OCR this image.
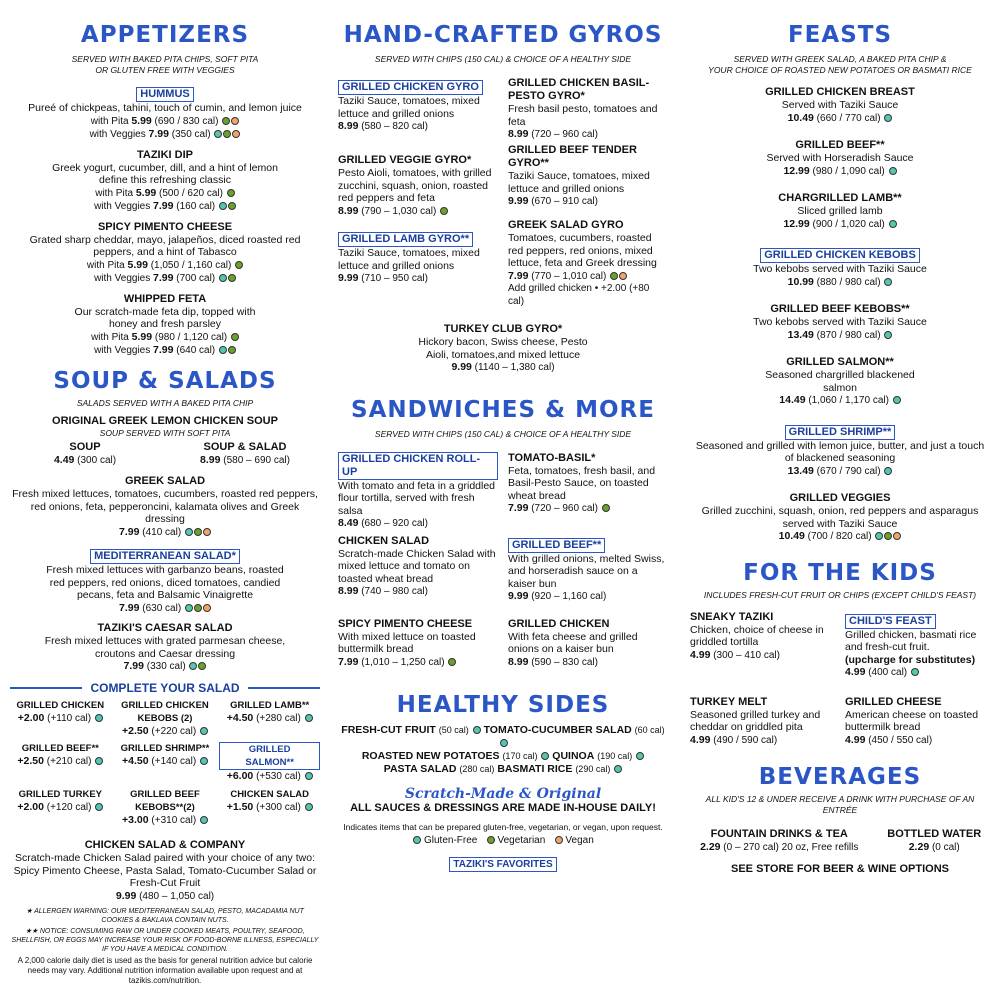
APPETIZERS
SERVED WITH BAKED PITA CHIPS, SOFT PITA
OR GLUTEN FREE WITH VEGGIES
HUMMUS
Pureé of chickpeas, tahini, touch of cumin, and lemon juice
with Pita 5.99 (690 / 830 cal)
with Veggies 7.99 (350 cal)
TAZIKI DIP
Greek yogurt, cucumber, dill, and a hint of lemon define this refreshing classic
with Pita 5.99 (500 / 620 cal)
with Veggies 7.99 (160 cal)
SPICY PIMENTO CHEESE
Grated sharp cheddar, mayo, jalapeños, diced roasted red peppers, and a hint of Tabasco
with Pita 5.99 (1,050 / 1,160 cal)
with Veggies 7.99 (700 cal)
WHIPPED FETA
Our scratch-made feta dip, topped with honey and fresh parsley
with Pita 5.99 (980 / 1,120 cal)
with Veggies 7.99 (640 cal)
SOUP & SALADS
SALADS SERVED WITH A BAKED PITA CHIP
ORIGINAL GREEK LEMON CHICKEN SOUP
SOUP SERVED WITH SOFT PITA
SOUP
4.49 (300 cal)
SOUP & SALAD
8.99 (580 – 690 cal)
GREEK SALAD
Fresh mixed lettuces, tomatoes, cucumbers, roasted red peppers, red onions, feta, pepperoncini, kalamata olives and Greek dressing
7.99 (410 cal)
MEDITERRANEAN SALAD*
Fresh mixed lettuces with garbanzo beans, roasted red peppers, red onions, diced tomatoes, candied pecans, feta and Balsamic Vinaigrette
7.99 (630 cal)
TAZIKI'S CAESAR SALAD
Fresh mixed lettuces with grated parmesan cheese, croutons and Caesar dressing
7.99 (330 cal)
COMPLETE YOUR SALAD
GRILLED CHICKEN
+2.00 (+110 cal)
GRILLED CHICKEN KEBOBS (2)
+2.50 (+220 cal)
GRILLED LAMB**
+4.50 (+280 cal)
GRILLED BEEF**
+2.50 (+210 cal)
GRILLED SHRIMP**
+4.50 (+140 cal)
GRILLED SALMON**
+6.00 (+530 cal)
GRILLED TURKEY
+2.00 (+120 cal)
GRILLED BEEF KEBOBS**(2)
+3.00 (+310 cal)
CHICKEN SALAD
+1.50 (+300 cal)
CHICKEN SALAD & COMPANY
Scratch-made Chicken Salad paired with your choice of any two: Spicy Pimento Cheese, Pasta Salad, Tomato-Cucumber Salad or Fresh-Cut Fruit
9.99 (480 – 1,050 cal)
★ ALLERGEN WARNING: OUR MEDITERRANEAN SALAD, PESTO, MACADAMIA NUT COOKIES & BAKLAVA CONTAIN NUTS.
★★ NOTICE: CONSUMING RAW OR UNDER COOKED MEATS, POULTRY, SEAFOOD, SHELLFISH, OR EGGS MAY INCREASE YOUR RISK OF FOOD-BORNE ILLNESS, ESPECIALLY IF YOU HAVE A MEDICAL CONDITION.
A 2,000 calorie daily diet is used as the basis for general nutrition advice but calorie needs may vary. Additional nutrition information available upon request and at tazikis.com/nutrition.
HAND-CRAFTED GYROS
SERVED WITH CHIPS (150 CAL) & CHOICE OF A HEALTHY SIDE
GRILLED CHICKEN GYRO
Taziki Sauce, tomatoes, mixed lettuce and grilled onions
8.99 (580 – 820 cal)
GRILLED VEGGIE GYRO*
Pesto Aioli, tomatoes, with grilled zucchini, squash, onion, roasted red peppers and feta
8.99 (790 – 1,030 cal)
GRILLED LAMB GYRO**
Taziki Sauce, tomatoes, mixed lettuce and grilled onions
9.99 (710 – 950 cal)
GRILLED CHICKEN BASIL-PESTO GYRO*
Fresh basil pesto, tomatoes and feta
8.99 (720 – 960 cal)
GRILLED BEEF TENDER GYRO**
Taziki Sauce, tomatoes, mixed lettuce and grilled onions
9.99 (670 – 910 cal)
GREEK SALAD GYRO
Tomatoes, cucumbers, roasted red peppers, red onions, mixed lettuce, feta and Greek dressing
7.99 (770 – 1,010 cal)
Add grilled chicken • +2.00 (+80 cal)
TURKEY CLUB GYRO*
Hickory bacon, Swiss cheese, Pesto Aioli, tomatoes,and mixed lettuce
9.99 (1140 – 1,380 cal)
SANDWICHES & MORE
SERVED WITH CHIPS (150 CAL) & CHOICE OF A HEALTHY SIDE
GRILLED CHICKEN ROLL-UP
With tomato and feta in a griddled flour tortilla, served with fresh salsa
8.49 (680 – 920 cal)
CHICKEN SALAD
Scratch-made Chicken Salad with mixed lettuce and tomato on toasted wheat bread
8.99 (740 – 980 cal)
SPICY PIMENTO CHEESE
With mixed lettuce on toasted buttermilk bread
7.99 (1,010 – 1,250 cal)
TOMATO-BASIL*
Feta, tomatoes, fresh basil, and Basil-Pesto Sauce, on toasted wheat bread
7.99 (720 – 960 cal)
GRILLED BEEF**
With grilled onions, melted Swiss, and horseradish sauce on a kaiser bun
9.99 (920 – 1,160 cal)
GRILLED CHICKEN
With feta cheese and grilled onions on a kaiser bun
8.99 (590 – 830 cal)
HEALTHY SIDES
FRESH-CUT FRUIT (50 cal) TOMATO-CUCUMBER SALAD (60 cal)
ROASTED NEW POTATOES (170 cal) QUINOA (190 cal)
PASTA SALAD (280 cal) BASMATI RICE (290 cal)
Scratch-Made & Original
ALL SAUCES & DRESSINGS ARE MADE IN-HOUSE DAILY!
Indicates items that can be prepared gluten-free, vegetarian, or vegan, upon request.
Gluten-Free Vegetarian Vegan
TAZIKI'S FAVORITES
FEASTS
SERVED WITH GREEK SALAD, A BAKED PITA CHIP &
YOUR CHOICE OF ROASTED NEW POTATOES OR BASMATI RICE
GRILLED CHICKEN BREAST
Served with Taziki Sauce
10.49 (660 / 770 cal)
GRILLED BEEF**
Served with Horseradish Sauce
12.99 (980 / 1,090 cal)
CHARGRILLED LAMB**
Sliced grilled lamb
12.99 (900 / 1,020 cal)
GRILLED CHICKEN KEBOBS
Two kebobs served with Taziki Sauce
10.99 (880 / 980 cal)
GRILLED BEEF KEBOBS**
Two kebobs served with Taziki Sauce
13.49 (870 / 980 cal)
GRILLED SALMON**
Seasoned chargrilled blackened salmon
14.49 (1,060 / 1,170 cal)
GRILLED SHRIMP**
Seasoned and grilled with lemon juice, butter, and just a touch of blackened seasoning
13.49 (670 / 790 cal)
GRILLED VEGGIES
Grilled zucchini, squash, onion, red peppers and asparagus served with Taziki Sauce
10.49 (700 / 820 cal)
FOR THE KIDS
INCLUDES FRESH-CUT FRUIT OR CHIPS (EXCEPT CHILD'S FEAST)
SNEAKY TAZIKI
Chicken, choice of cheese in griddled tortilla
4.99 (300 – 410 cal)
CHILD'S FEAST
Grilled chicken, basmati rice and fresh-cut fruit.
(upcharge for substitutes)
4.99 (400 cal)
TURKEY MELT
Seasoned grilled turkey and cheddar on griddled pita
4.99 (490 / 590 cal)
GRILLED CHEESE
American cheese on toasted buttermilk bread
4.99 (450 / 550 cal)
BEVERAGES
ALL KID'S 12 & UNDER RECEIVE A DRINK WITH PURCHASE OF AN ENTRÉE
FOUNTAIN DRINKS & TEA
2.29 (0 – 270 cal) 20 oz, Free refills
BOTTLED WATER
2.29 (0 cal)
SEE STORE FOR BEER & WINE OPTIONS
